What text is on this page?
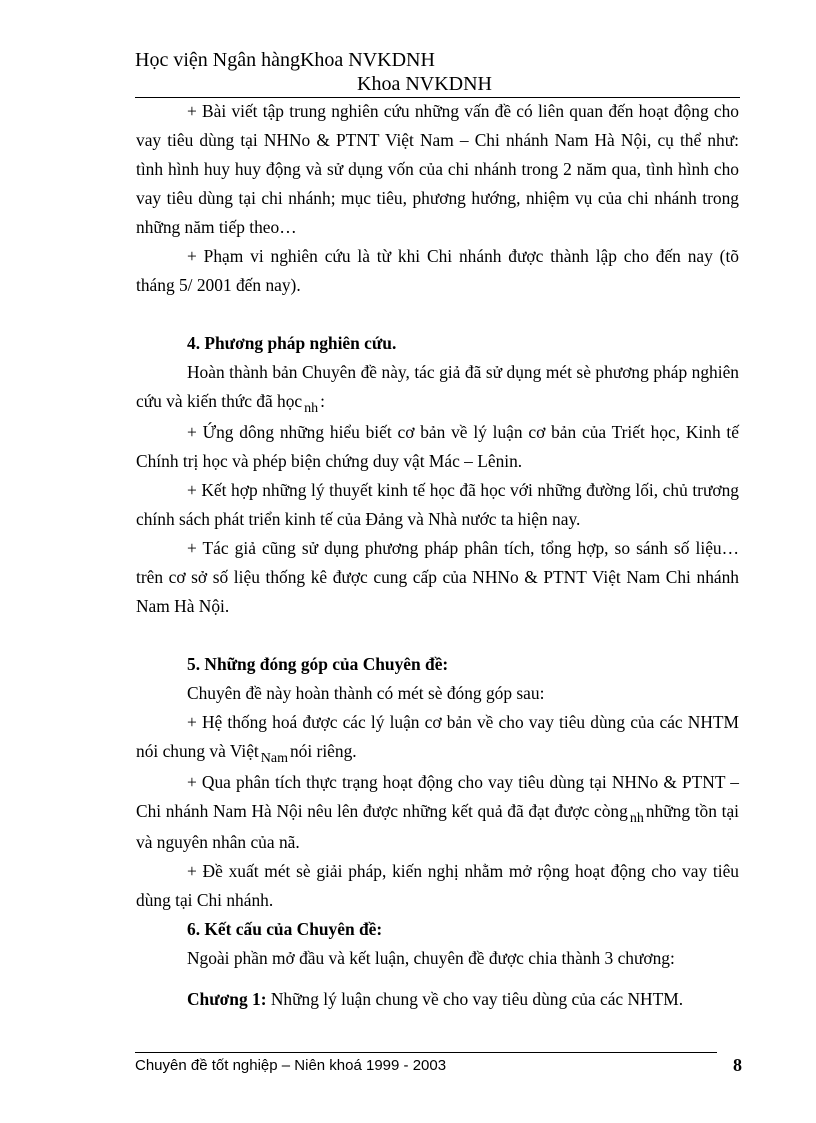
Học viện Ngân hàngKhoa NVKDNH
Khoa NVKDNH

+ Bài viết tập trung nghiên cứu những vấn đề có liên quan đến hoạt động cho vay tiêu dùng tại NHNo & PTNT Việt Nam – Chi nhánh Nam Hà Nội, cụ thể như: tình hình huy huy động và sử dụng vốn của chi nhánh trong 2 năm qua, tình hình cho vay tiêu dùng tại chi nhánh; mục tiêu, phương hướng, nhiệm vụ của chi nhánh trong những năm tiếp theo…

+ Phạm vi nghiên cứu là từ khi Chi nhánh được thành lập cho đến nay (tõ tháng 5/ 2001 đến nay).

4. Phương pháp nghiên cứu.

Hoàn thành bản Chuyên đề này, tác giả đã sử dụng mét sè phương pháp nghiên cứu và kiến thức đã học $_{nh}$ :

+ Ứng dông những hiểu biết cơ bản về lý luận cơ bản của Triết học, Kinh tế Chính trị học và phép biện chứng duy vật Mác – Lênin.

+ Kết hợp những lý thuyết kinh tế học đã học với những đường lối, chủ trương chính sách phát triển kinh tế của Đảng và Nhà nước ta hiện nay.

+ Tác giả cũng sử dụng phương pháp phân tích, tổng hợp, so sánh số liệu… trên cơ sở số liệu thống kê được cung cấp của NHNo & PTNT Việt Nam Chi nhánh Nam Hà Nội.

5. Những đóng góp của Chuyên đề:

Chuyên đề này hoàn thành có mét sè đóng góp sau:

+ Hệ thống hoá được các lý luận cơ bản về cho vay tiêu dùng của các NHTM nói chung và Việt $_{Nam}$ nói riêng.

+ Qua phân tích thực trạng hoạt động cho vay tiêu dùng tại NHNo & PTNT – Chi nhánh Nam Hà Nội nêu lên được những kết quả đã đạt được còng $_{nh}$ những tồn tại và nguyên nhân của nã.

+ Đề xuất mét sè giải pháp, kiến nghị nhằm mở rộng hoạt động cho vay tiêu dùng tại Chi nhánh.

6. Kết cấu của Chuyên đề:

Ngoài phần mở đầu và kết luận, chuyên đề được chia thành 3 chương:

Chương 1: Những lý luận chung về cho vay tiêu dùng của các NHTM.

Chuyên đề tốt nghiệp – Niên khoá 1999 - 2003	8
